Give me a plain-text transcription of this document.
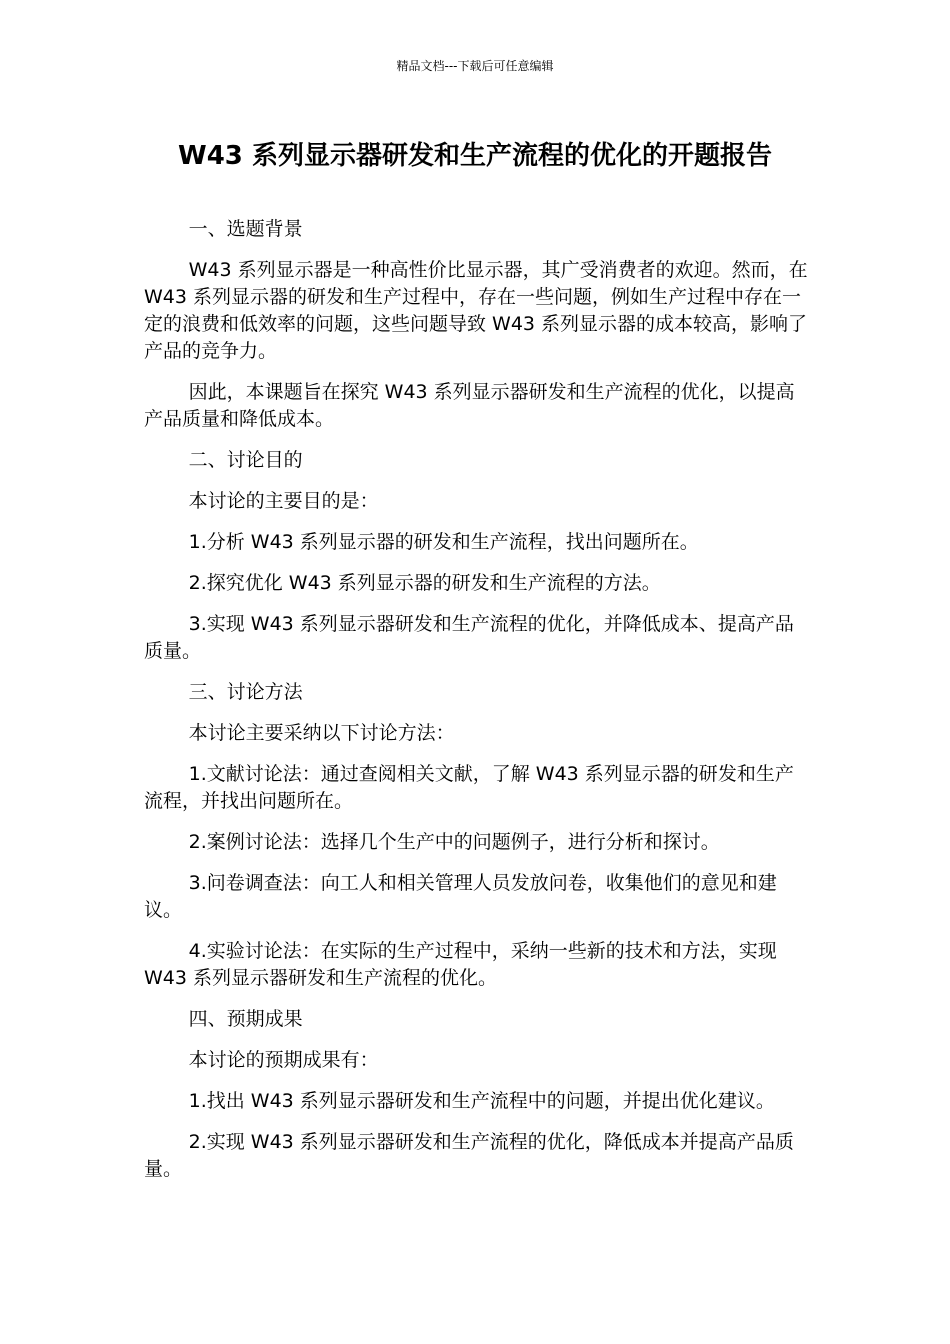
精品文档---下载后可任意编辑
W43 系列显示器研发和生产流程的优化的开题报告

一、选题背景

W43 系列显示器是一种高性价比显示器，其广受消费者的欢迎。然而，在 W43 系列显示器的研发和生产过程中，存在一些问题，例如生产过程中存在一定的浪费和低效率的问题，这些问题导致 W43 系列显示器的成本较高，影响了产品的竞争力。

因此，本课题旨在探究 W43 系列显示器研发和生产流程的优化，以提高产品质量和降低成本。

二、讨论目的

本讨论的主要目的是：

1.分析 W43 系列显示器的研发和生产流程，找出问题所在。

2.探究优化 W43 系列显示器的研发和生产流程的方法。

3.实现 W43 系列显示器研发和生产流程的优化，并降低成本、提高产品质量。

三、讨论方法

本讨论主要采纳以下讨论方法：

1.文献讨论法：通过查阅相关文献，了解 W43 系列显示器的研发和生产流程，并找出问题所在。

2.案例讨论法：选择几个生产中的问题例子，进行分析和探讨。

3.问卷调查法：向工人和相关管理人员发放问卷，收集他们的意见和建议。

4.实验讨论法：在实际的生产过程中，采纳一些新的技术和方法，实现 W43 系列显示器研发和生产流程的优化。

四、预期成果

本讨论的预期成果有：

1.找出 W43 系列显示器研发和生产流程中的问题，并提出优化建议。

2.实现 W43 系列显示器研发和生产流程的优化，降低成本并提高产品质量。
